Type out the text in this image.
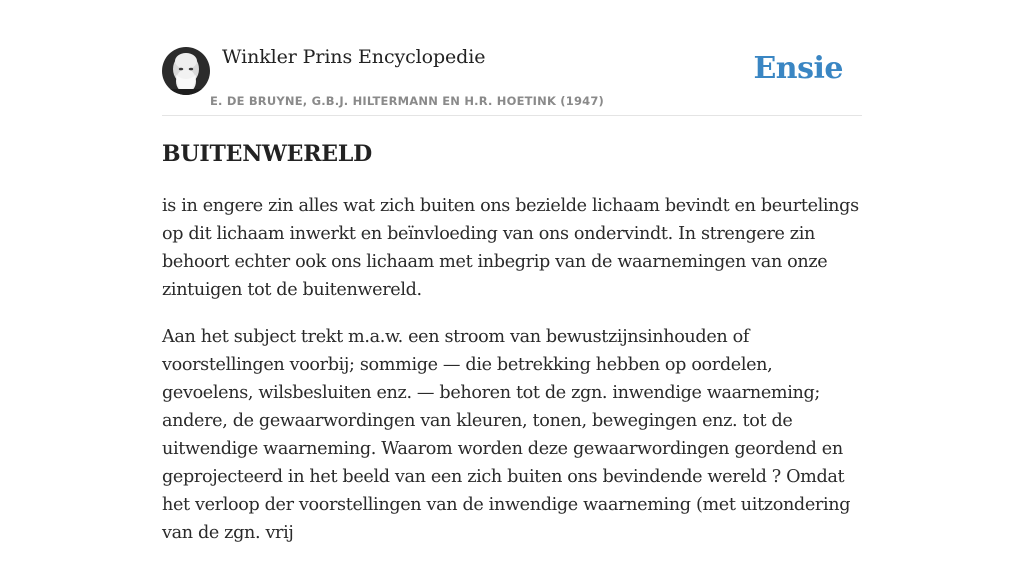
Winkler Prins Encyclopedie
E. DE BRUYNE, G.B.J. HILTERMANN EN H.R. HOETINK (1947)
Ensie
BUITENWERELD

is in engere zin alles wat zich buiten ons bezielde lichaam bevindt en beurtelings op dit lichaam inwerkt en beïnvloeding van ons ondervindt. In strengere zin behoort echter ook ons lichaam met inbegrip van de waarnemingen van onze zintuigen tot de buitenwereld.

Aan het subject trekt m.a.w. een stroom van bewustzijnsinhouden of voorstellingen voorbij; sommige — die betrekking hebben op oordelen, gevoelens, wilsbesluiten enz. — behoren tot de zgn. inwendige waarneming; andere, de gewaarwordingen van kleuren, tonen, bewegingen enz. tot de uitwendige waarneming. Waarom worden deze gewaarwordingen geordend en geprojecteerd in het beeld van een zich buiten ons bevindende wereld ? Omdat het verloop der voorstellingen van de inwendige waarneming (met uitzondering van de zgn. vrij
